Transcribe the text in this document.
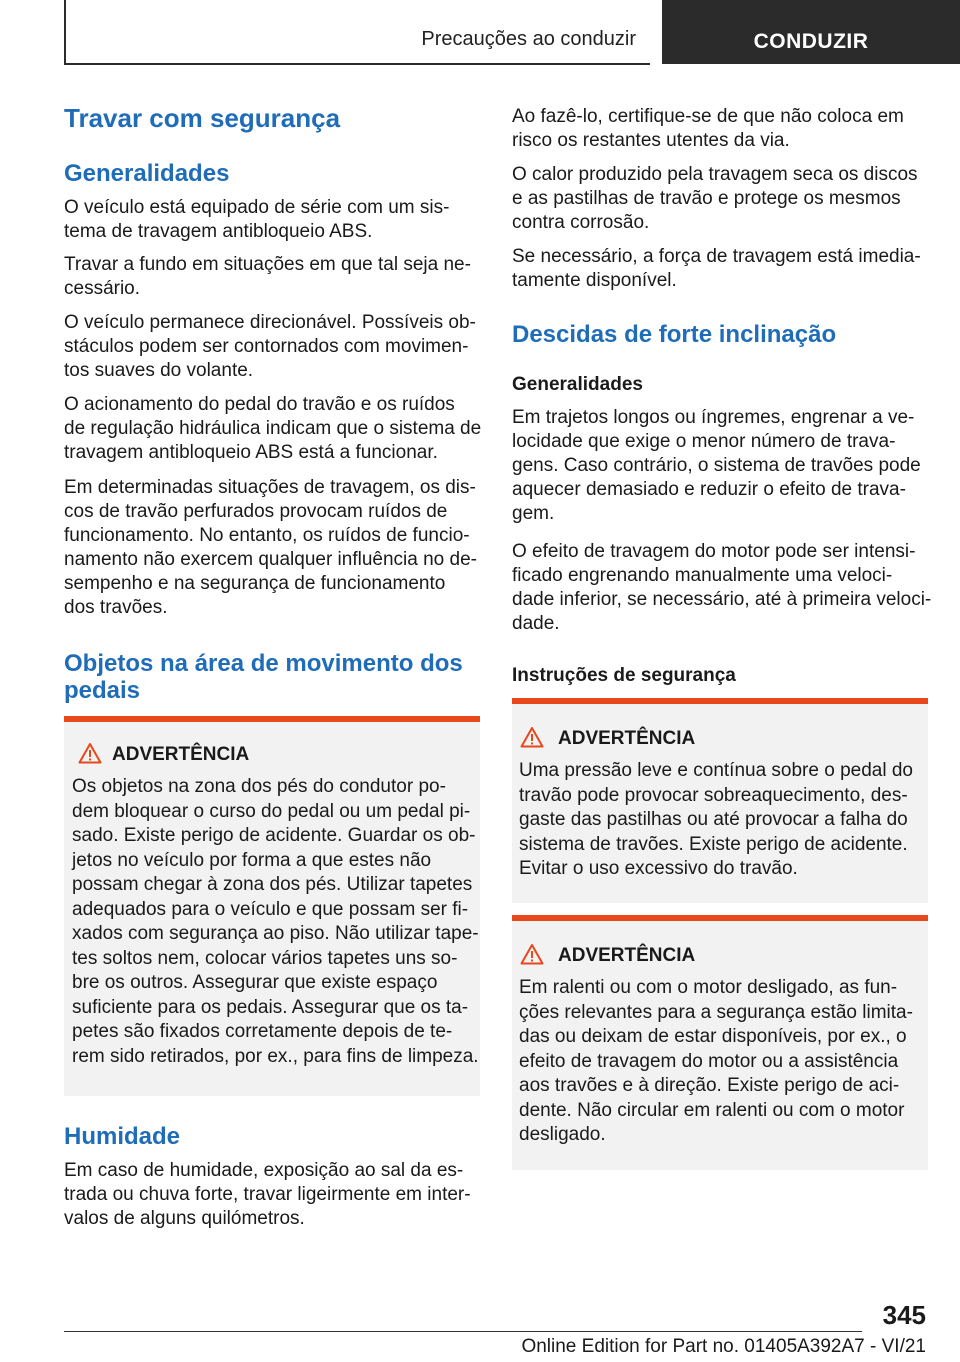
Precauções ao conduzir	CONDUZIR
Travar com segurança
Generalidades

O veículo está equipado de série com um sis-
tema de travagem antibloqueio ABS.

Travar a fundo em situações em que tal seja ne-
cessário.

O veículo permanece direcionável. Possíveis ob-
stáculos podem ser contornados com movimen-
tos suaves do volante.

O acionamento do pedal do travão e os ruídos
de regulação hidráulica indicam que o sistema de
travagem antibloqueio ABS está a funcionar.

Em determinadas situações de travagem, os dis-
cos de travão perfurados provocam ruídos de
funcionamento. No entanto, os ruídos de funcio-
namento não exercem qualquer influência no de-
sempenho e na segurança de funcionamento
dos travões.

Objetos na área de movimento dos
pedais
ADVERTÊNCIA
Os objetos na zona dos pés do condutor po-
dem bloquear o curso do pedal ou um pedal pi-
sado. Existe perigo de acidente. Guardar os ob-
jetos no veículo por forma a que estes não
possam chegar à zona dos pés. Utilizar tapetes
adequados para o veículo e que possam ser fi-
xados com segurança ao piso. Não utilizar tape-
tes soltos nem, colocar vários tapetes uns so-
bre os outros. Assegurar que existe espaço
suficiente para os pedais. Assegurar que os ta-
petes são fixados corretamente depois de te-
rem sido retirados, por ex., para fins de limpeza.
Humidade

Em caso de humidade, exposição ao sal da es-
trada ou chuva forte, travar ligeirmente em inter-
valos de alguns quilómetros.

Ao fazê-lo, certifique-se de que não coloca em
risco os restantes utentes da via.

O calor produzido pela travagem seca os discos
e as pastilhas de travão e protege os mesmos
contra corrosão.

Se necessário, a força de travagem está imedia-
tamente disponível.

Descidas de forte inclinação
Generalidades

Em trajetos longos ou íngremes, engrenar a ve-
locidade que exige o menor número de trava-
gens. Caso contrário, o sistema de travões pode
aquecer demasiado e reduzir o efeito de trava-
gem.

O efeito de travagem do motor pode ser intensi-
ficado engrenando manualmente uma veloci-
dade inferior, se necessário, até à primeira veloci-
dade.

Instruções de segurança
ADVERTÊNCIA
Uma pressão leve e contínua sobre o pedal do
travão pode provocar sobreaquecimento, des-
gaste das pastilhas ou até provocar a falha do
sistema de travões. Existe perigo de acidente.
Evitar o uso excessivo do travão.
ADVERTÊNCIA
Em ralenti ou com o motor desligado, as fun-
ções relevantes para a segurança estão limita-
das ou deixam de estar disponíveis, por ex., o
efeito de travagem do motor ou a assistência
aos travões e à direção. Existe perigo de aci-
dente. Não circular em ralenti ou com o motor
desligado.
345
Online Edition for Part no. 01405A392A7 - VI/21
